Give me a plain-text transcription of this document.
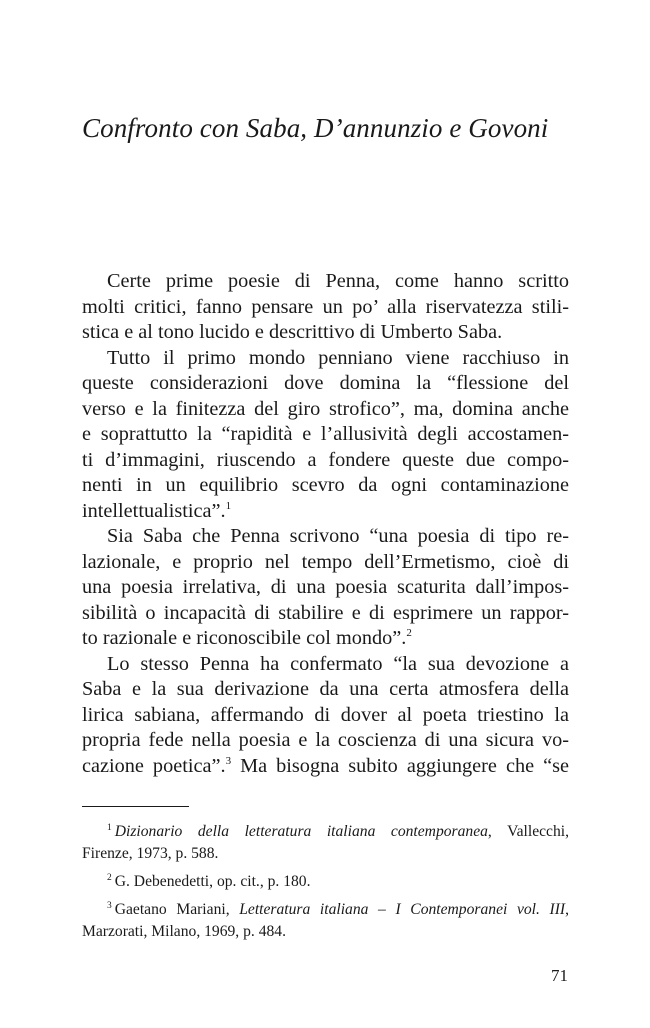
Confronto con Saba, D’annunzio e Govoni

Certe prime poesie di Penna, come hanno scritto
molti critici, fanno pensare un po’ alla riservatezza stili-
stica e al tono lucido e descrittivo di Umberto Saba.

Tutto il primo mondo penniano viene racchiuso in
queste considerazioni dove domina la “flessione del
verso e la finitezza del giro strofico”, ma, domina anche
e soprattutto la “rapidità e l’allusività degli accostamen-
ti d’immagini, riuscendo a fondere queste due compo-
nenti in un equilibrio scevro da ogni contaminazione
intellettualistica”.$^1$

Sia Saba che Penna scrivono “una poesia di tipo re-
lazionale, e proprio nel tempo dell’Ermetismo, cioè di
una poesia irrelativa, di una poesia scaturita dall’impos-
sibilità o incapacità di stabilire e di esprimere un rappor-
to razionale e riconoscibile col mondo”.$^2$

Lo stesso Penna ha confermato “la sua devozione a
Saba e la sua derivazione da una certa atmosfera della
lirica sabiana, affermando di dover al poeta triestino la
propria fede nella poesia e la coscienza di una sicura vo-
cazione poetica”.$^3$ Ma bisogna subito aggiungere che “se

$^1$ Dizionario della letteratura italiana contemporanea, Vallecchi,
Firenze, 1973, p. 588.
$^2$ G. Debenedetti, op. cit., p. 180.
$^3$ Gaetano Mariani, Letteratura italiana – I Contemporanei vol. III,
Marzorati, Milano, 1969, p. 484.
71
